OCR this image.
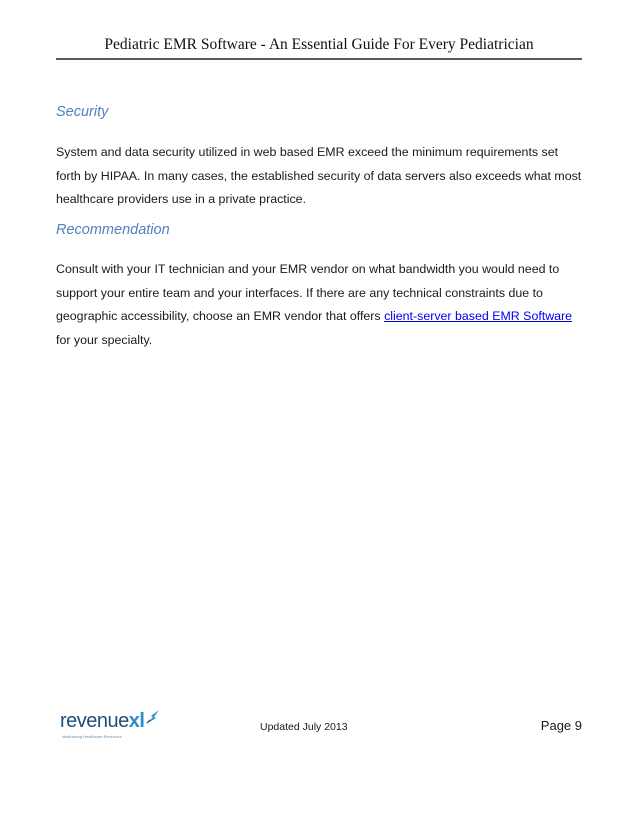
Pediatric EMR Software - An Essential Guide For Every Pediatrician
Security
System and data security utilized in web based EMR exceed the minimum requirements set forth by HIPAA. In many cases, the established security of data servers also exceeds what most healthcare providers use in a private practice.
Recommendation
Consult with your IT technician and your EMR vendor on what bandwidth you would need to support your entire team and your interfaces. If there are any technical constraints due to geographic accessibility, choose an EMR vendor that offers client-server based EMR Software for your specialty.
revenuexl
Maximizing Healthcare Revenues
Updated July 2013	Page 9
